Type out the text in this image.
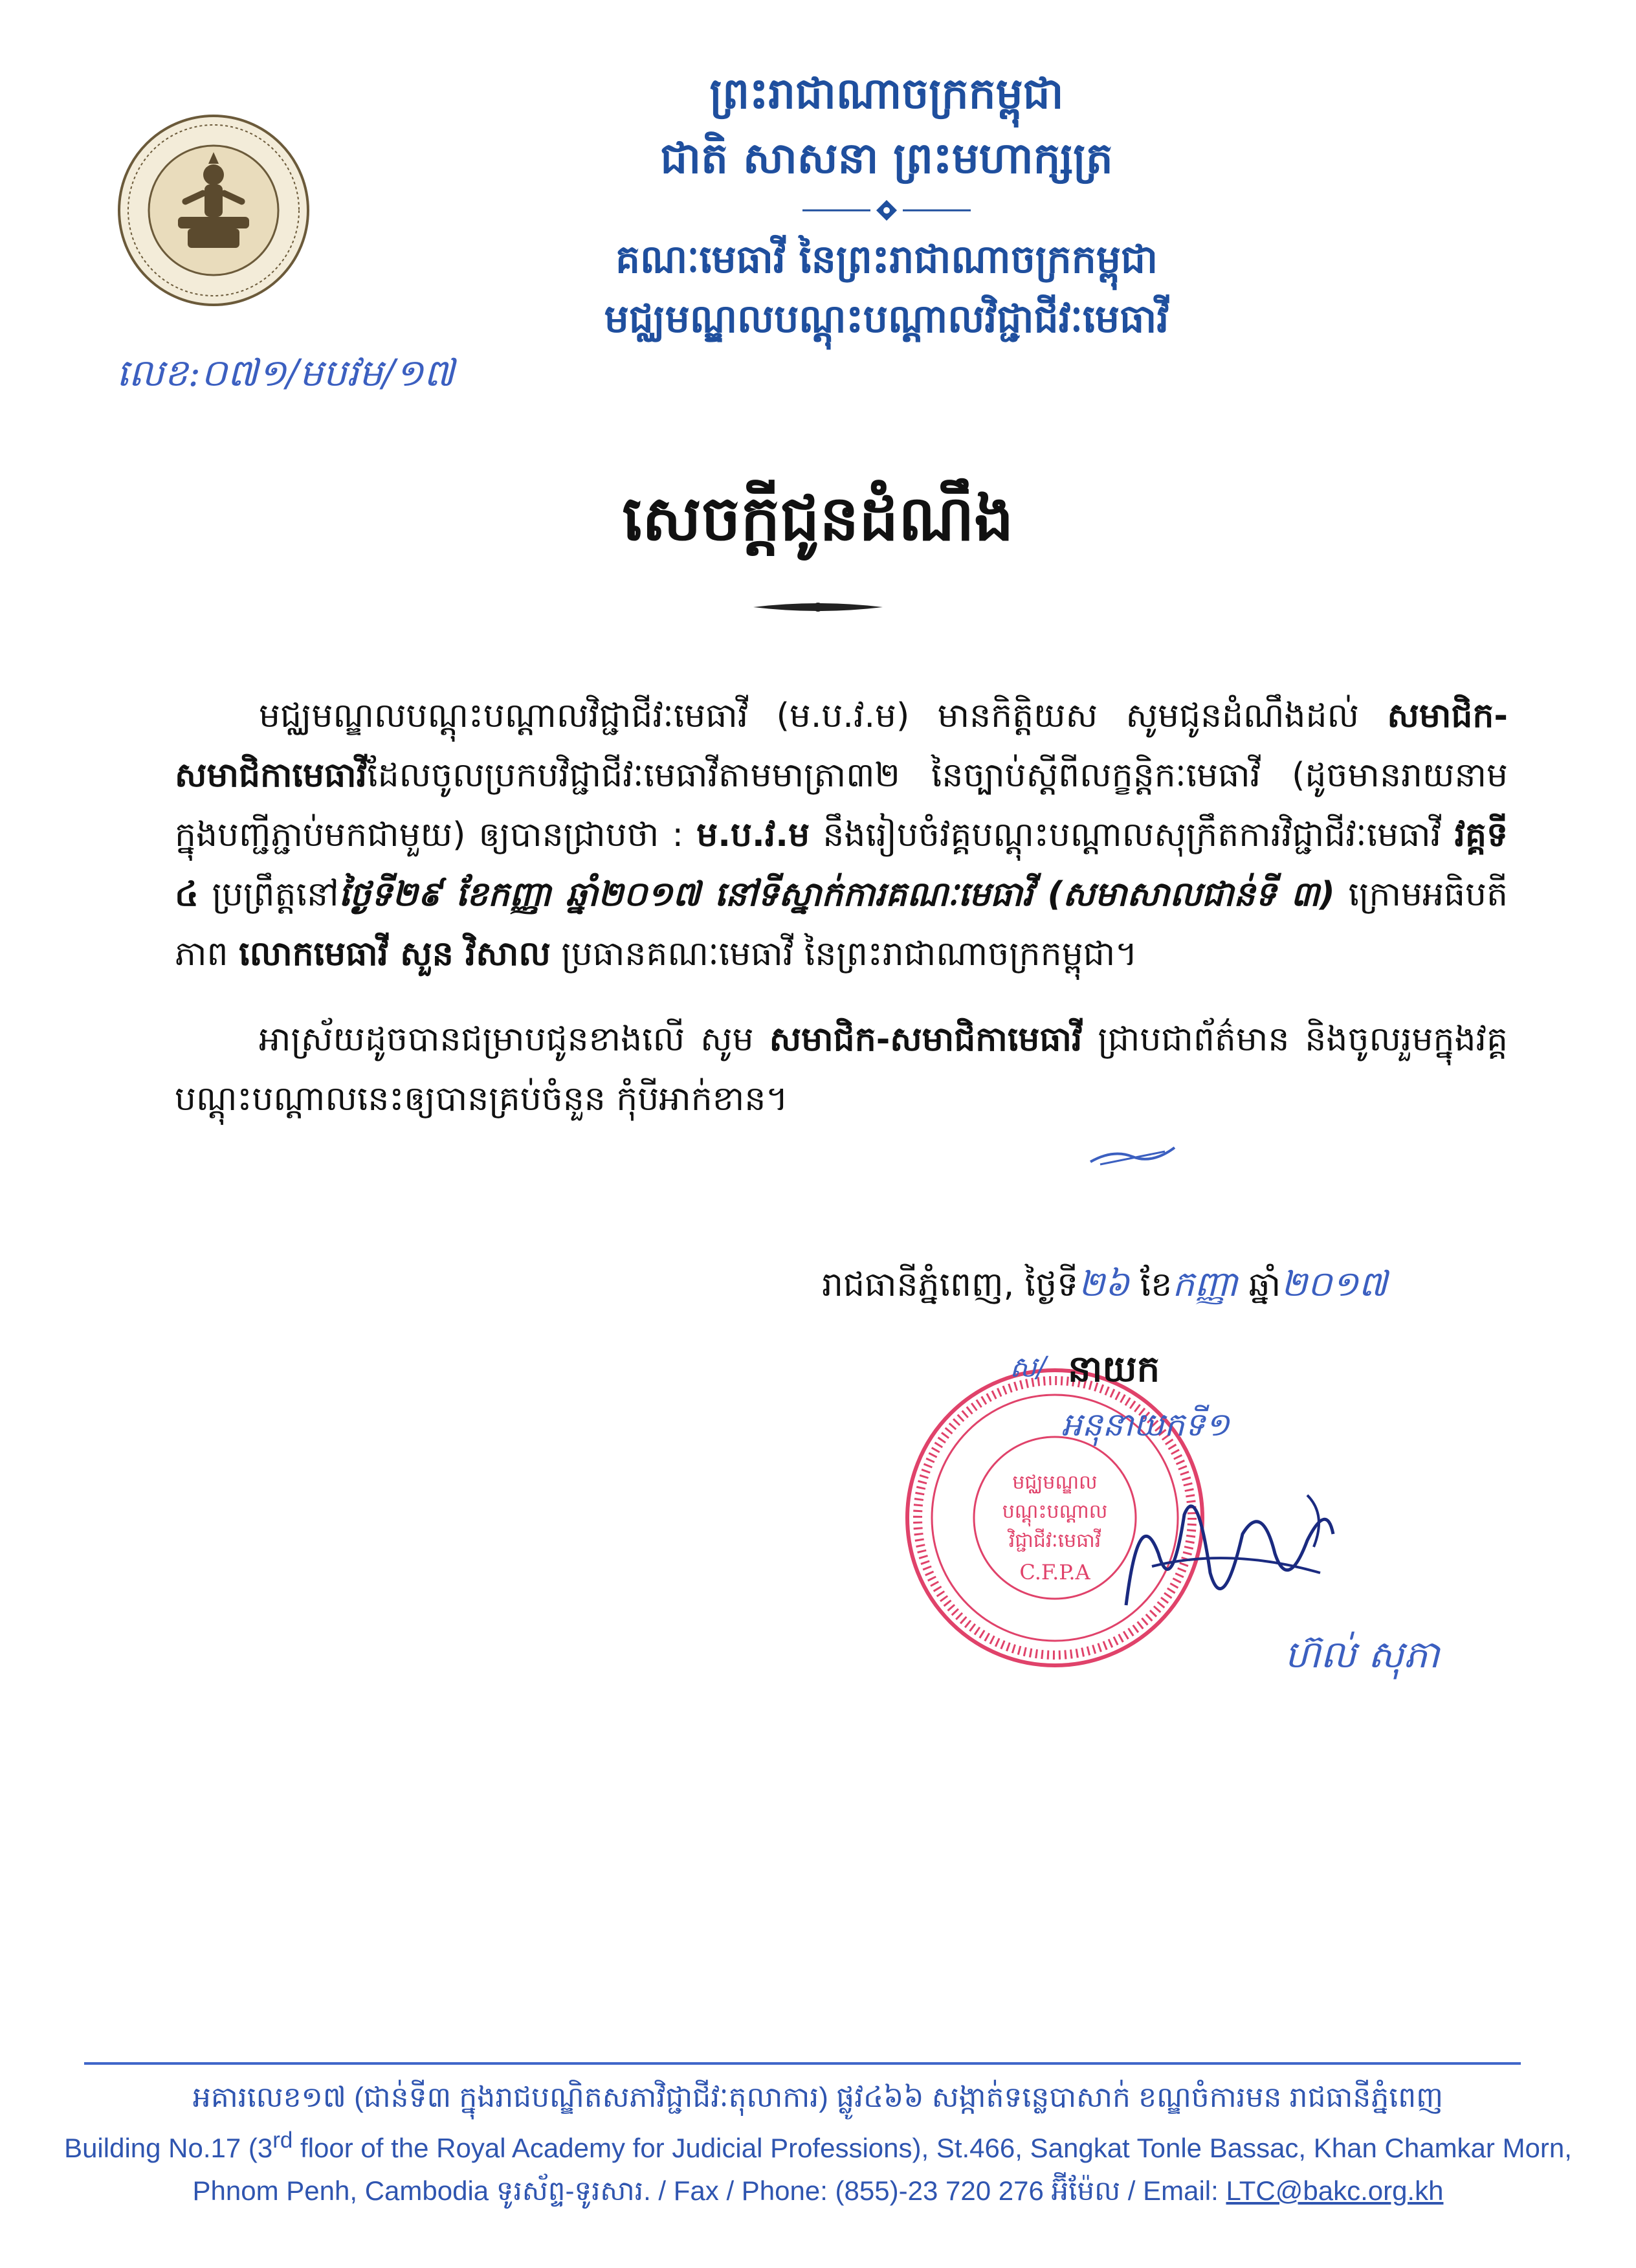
ព្រះរាជាណាចក្រកម្ពុជា
ជាតិ សាសនា ព្រះមហាក្សត្រ
គណៈមេធាវី នៃព្រះរាជាណាចក្រកម្ពុជា
មជ្ឈមណ្ឌលបណ្ដុះបណ្ដាលវិជ្ជាជីវៈមេធាវី
លេខ:០៧១/មបវម/១៧
សេចក្តីជូនដំណឹង

មជ្ឈមណ្ឌលបណ្ដុះបណ្ដាលវិជ្ជាជីវៈមេធាវី (ម.ប.វ.ម) មានកិត្តិយស សូមជូនដំណឹងដល់ សមាជិក-សមាជិកាមេធាវីដែលចូលប្រកបវិជ្ជាជីវៈមេធាវីតាមមាត្រា៣២ នៃច្បាប់ស្តីពីលក្ខន្តិកៈមេធាវី (ដូចមានរាយនាមក្នុងបញ្ជីភ្ជាប់មកជាមួយ) ឲ្យបានជ្រាបថា : ម.ប.វ.ម នឹងរៀបចំវគ្គបណ្ដុះបណ្ដាលសុក្រឹតការវិជ្ជាជីវៈមេធាវី វគ្គទី ៤ ប្រព្រឹត្តនៅថ្ងៃទី២៩ ខែកញ្ញា ឆ្នាំ២០១៧ នៅទីស្នាក់ការគណៈមេធាវី (សមាសាលជាន់ទី ៣) ក្រោមអធិបតីភាព លោកមេធាវី សួន វិសាល ប្រធានគណៈមេធាវី នៃព្រះរាជាណាចក្រកម្ពុជា។

អាស្រ័យដូចបានជម្រាបជូនខាងលើ សូម សមាជិក-សមាជិកាមេធាវី ជ្រាបជាព័ត៌មាន និងចូលរួមក្នុងវគ្គបណ្ដុះបណ្ដាលនេះឲ្យបានគ្រប់ចំនួន កុំបីអាក់ខាន។

រាជធានីភ្នំពេញ, ថ្ងៃទី២៦ ខែកញ្ញា ឆ្នាំ២០១៧
មជ្ឈមណ្ឌល
បណ្ដុះបណ្ដាល
វិជ្ជាជីវៈមេធាវី
C.F.P.A
ស/ នាយក
អនុនាយកទី១
ហ៊ល់ សុភា
អគារលេខ១៧ (ជាន់ទី៣ ក្នុងរាជបណ្ឌិតសភាវិជ្ជាជីវៈតុលាការ) ផ្លូវ៤៦៦ សង្កាត់ទន្លេបាសាក់ ខណ្ឌចំការមន រាជធានីភ្នំពេញ
Building No.17 (3rd floor of the Royal Academy for Judicial Professions), St.466, Sangkat Tonle Bassac, Khan Chamkar Morn,
Phnom Penh, Cambodia ទូរស័ព្ទ-ទូរសារ. / Fax / Phone: (855)-23 720 276 អ៊ីម៉ែល / Email: LTC@bakc.org.kh
